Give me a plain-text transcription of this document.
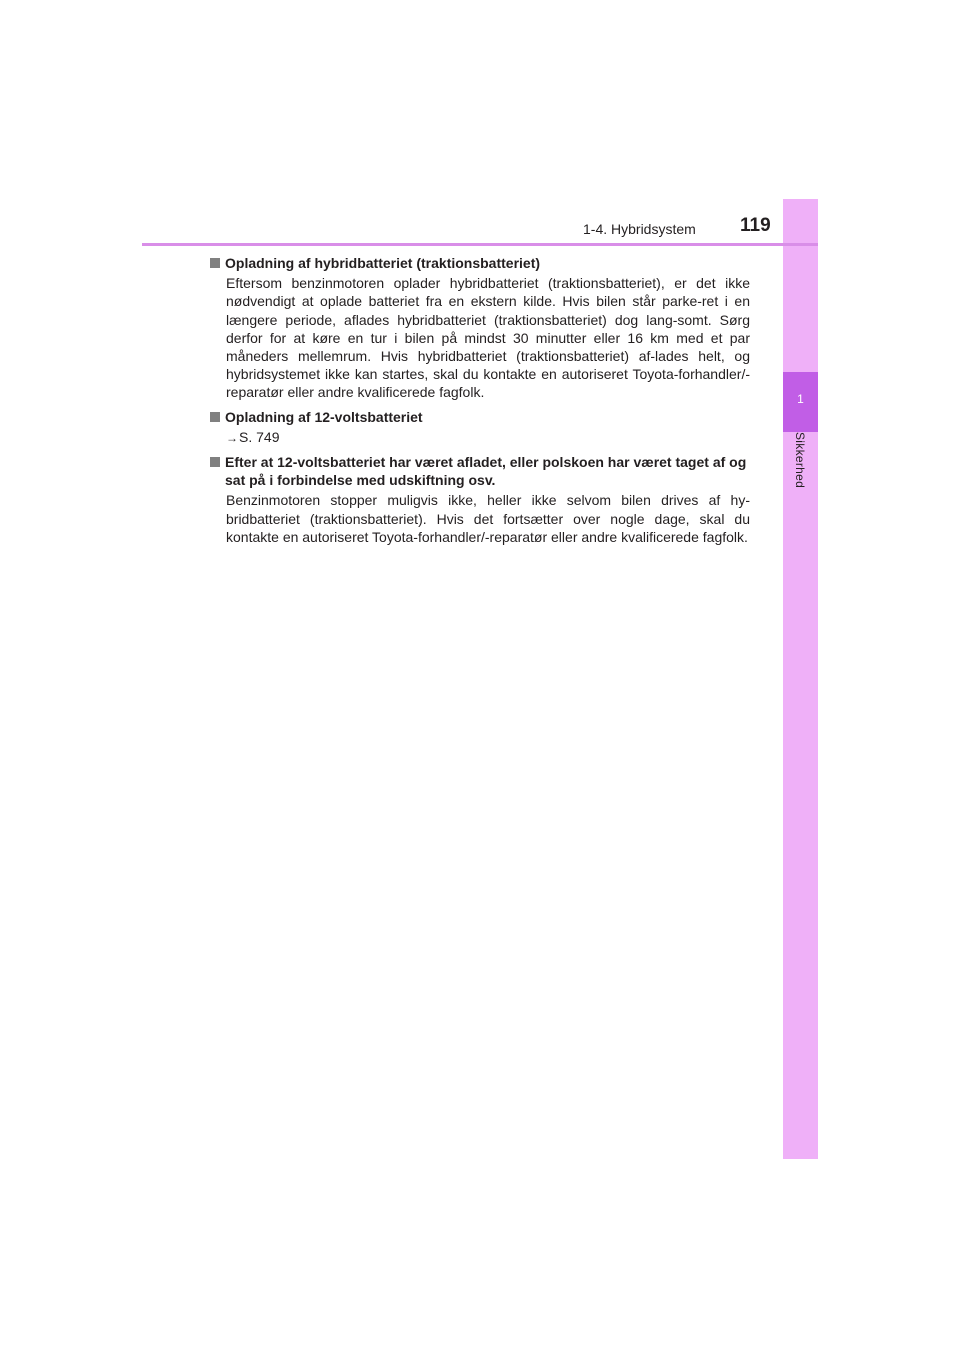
1
Sikkerhed
1-4. Hybridsystem 119
Opladning af hybridbatteriet (traktionsbatteriet)
Eftersom benzinmotoren oplader hybridbatteriet (traktionsbatteriet), er det ikke nødvendigt at oplade batteriet fra en ekstern kilde. Hvis bilen står parke-ret i en længere periode, aflades hybridbatteriet (traktionsbatteriet) dog lang-somt. Sørg derfor for at køre en tur i bilen på mindst 30 minutter eller 16 km med et par måneders mellemrum. Hvis hybridbatteriet (traktionsbatteriet) af-lades helt, og hybridsystemet ikke kan startes, skal du kontakte en autoriseret Toyota-forhandler/-reparatør eller andre kvalificerede fagfolk.
Opladning af 12-voltsbatteriet
→S. 749
Efter at 12-voltsbatteriet har været afladet, eller polskoen har været taget af og sat på i forbindelse med udskiftning osv.
Benzinmotoren stopper muligvis ikke, heller ikke selvom bilen drives af hy-bridbatteriet (traktionsbatteriet). Hvis det fortsætter over nogle dage, skal du kontakte en autoriseret Toyota-forhandler/-reparatør eller andre kvalificerede fagfolk.
